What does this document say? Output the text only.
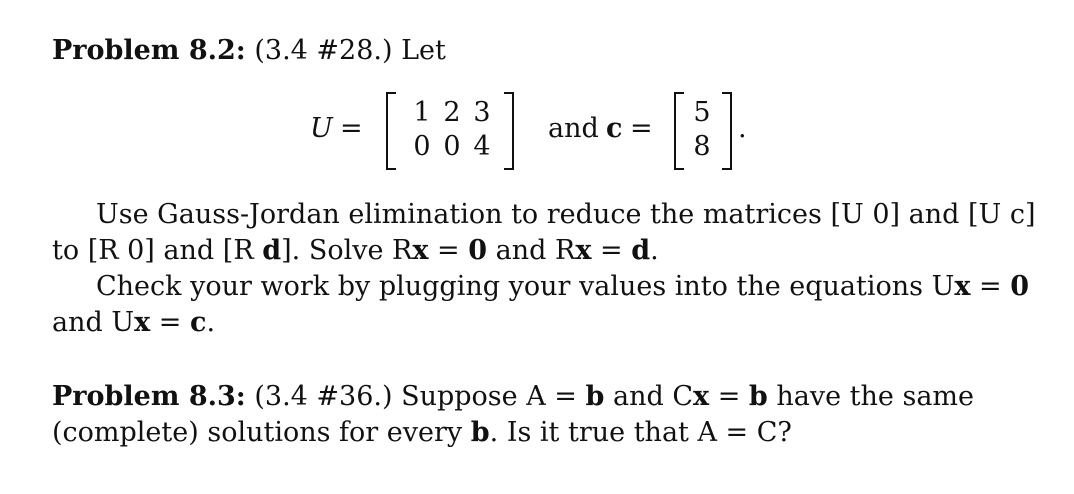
Problem 8.2: (3.4 #28.) Let
U =
1 2 3
0 0 4
and c =
5
8
.
Use Gauss-Jordan elimination to reduce the matrices [U 0] and [U c]
to [R 0] and [R d]. Solve Rx = 0 and Rx = d.
Check your work by plugging your values into the equations Ux = 0
and Ux = c.
Problem 8.3: (3.4 #36.) Suppose A = b and Cx = b have the same
(complete) solutions for every b. Is it true that A = C?
